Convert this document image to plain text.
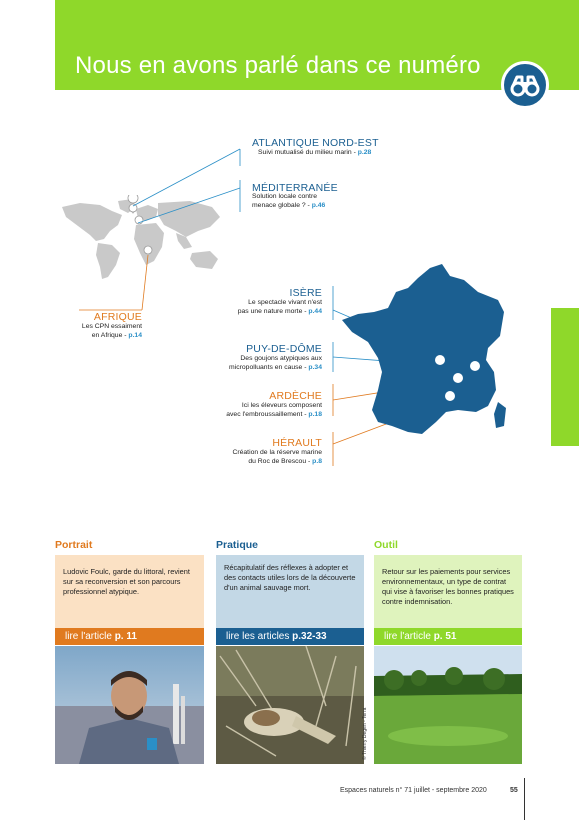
Nous en avons parlé dans ce numéro
ATLANTIQUE NORD-EST
Suivi mutualisé du milieu marin - p.28
MÉDITERRANÉE
Solution locale contre
menace globale ? - p.46
AFRIQUE
Les CPN essaiment
en Afrique - p.14
ISÈRE
Le spectacle vivant n'est
pas une nature morte - p.44
PUY-DE-DÔME
Des goujons atypiques aux
micropolluants en cause - p.34
ARDÈCHE
Ici les éleveurs composent
avec l'embroussaillement - p.18
HÉRAULT
Création de la réserve marine
du Roc de Brescou - p.8
Portrait
Ludovic Foulc, garde du littoral, revient sur sa reconversion et son parcours professionnel atypique.
lire l'article p. 11
Pratique
Récapitulatif des réflexes à adopter et des contacts utiles lors de la découverte d'un animal sauvage mort.
lire les articles p.32-33
© Thierry Degen - Terra
Outil
Retour sur les paiements pour services environnementaux, un type de contrat qui vise à favoriser les bonnes pratiques contre indemnisation.
lire l'article p. 51
Espaces naturels n° 71 juillet - septembre 2020	55
